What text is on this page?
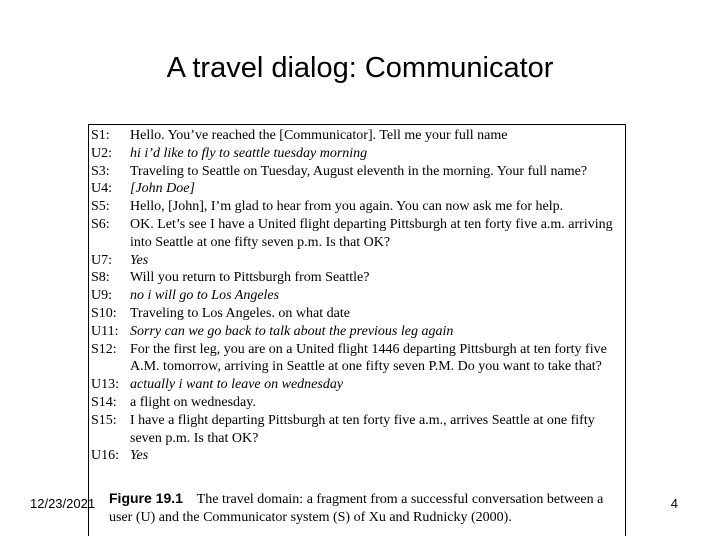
A travel dialog: Communicator
S1:	Hello. You’ve reached the [Communicator]. Tell me your full name
U2:	hi i’d like to fly to seattle tuesday morning
S3:	Traveling to Seattle on Tuesday, August eleventh in the morning. Your full name?
U4:	[John Doe]
S5:	Hello, [John], I’m glad to hear from you again. You can now ask me for help.
S6:	OK. Let’s see I have a United flight departing Pittsburgh at ten forty five a.m. arriving into Seattle at one fifty seven p.m. Is that OK?
U7:	Yes
S8:	Will you return to Pittsburgh from Seattle?
U9:	no i will go to Los Angeles
S10: Traveling to Los Angeles. on what date
U11: Sorry can we go back to talk about the previous leg again
S12: For the first leg, you are on a United flight 1446 departing Pittsburgh at ten forty five A.M. tomorrow, arriving in Seattle at one fifty seven P.M. Do you want to take that?
U13: actually i want to leave on wednesday
S14: a flight on wednesday.
S15: I have a flight departing Pittsburgh at ten forty five a.m., arrives Seattle at one fifty seven p.m. Is that OK?
U16: Yes
Figure 19.1 The travel domain: a fragment from a successful conversation between a user (U) and the Communicator system (S) of Xu and Rudnicky (2000).
12/23/2021	4
